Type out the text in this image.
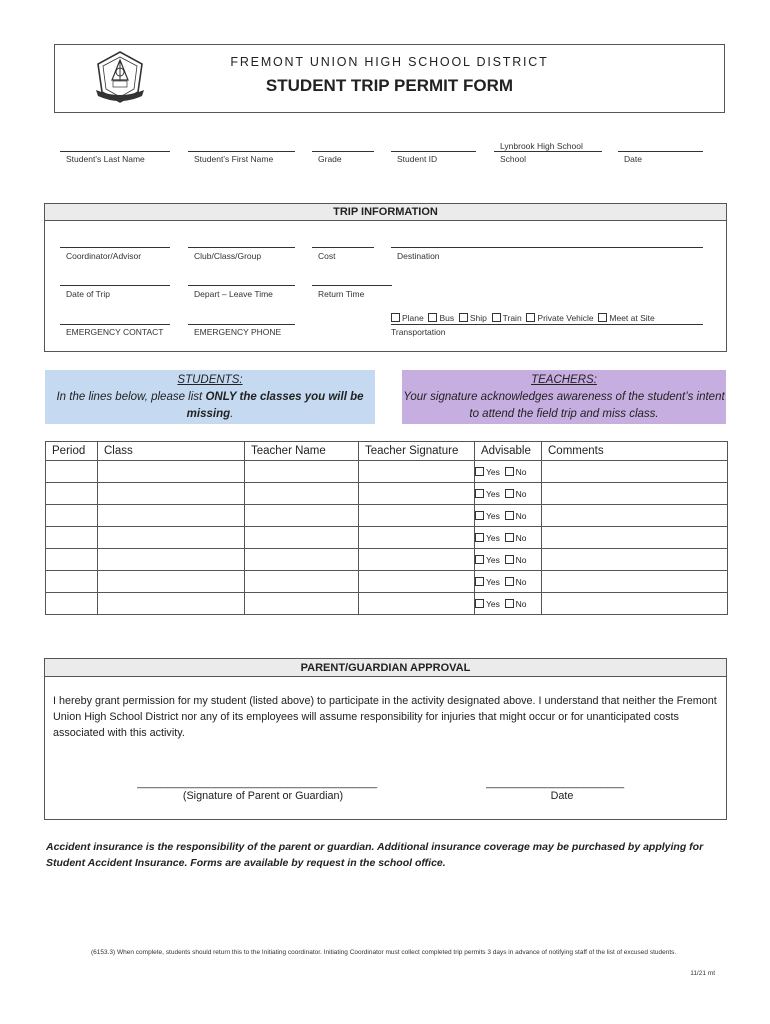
FREMONT UNION HIGH SCHOOL DISTRICT
STUDENT TRIP PERMIT FORM
Student’s Last Name	Student’s First Name	Grade	Student ID
Lynbrook High School
School	Date
TRIP INFORMATION
Coordinator/Advisor	Club/Class/Group	Cost	Destination
Date of Trip	Depart – Leave Time	Return Time
EMERGENCY CONTACT	EMERGENCY PHONE
Plane Bus Ship Train Private Vehicle Meet at Site
Transportation
STUDENTS:
In the lines below, please list ONLY the classes you will be missing.
TEACHERS:
Your signature acknowledges awareness of the student’s intent to attend the field trip and miss class.
Period	Class	Teacher Name	Teacher Signature	Advisable	Comments
				Yes No	
				Yes No	
				Yes No	
				Yes No	
				Yes No	
				Yes No	
				Yes No	
PARENT/GUARDIAN APPROVAL
I hereby grant permission for my student (listed above) to participate in the activity designated above. I understand that neither the Fremont Union High School District nor any of its employees will assume responsibility for injuries that might occur or for unanticipated costs associated with this activity.
________________________________________
(Signature of Parent or Guardian)
_______________________
Date
Accident insurance is the responsibility of the parent or guardian. Additional insurance coverage may be purchased by applying for Student Accident Insurance. Forms are available by request in the school office.
(6153.3) When complete, students should return this to the Initiating coordinator. Initiating Coordinator must collect completed trip permits 3 days in advance of notifying staff of the list of excused students.
11/21 mt
